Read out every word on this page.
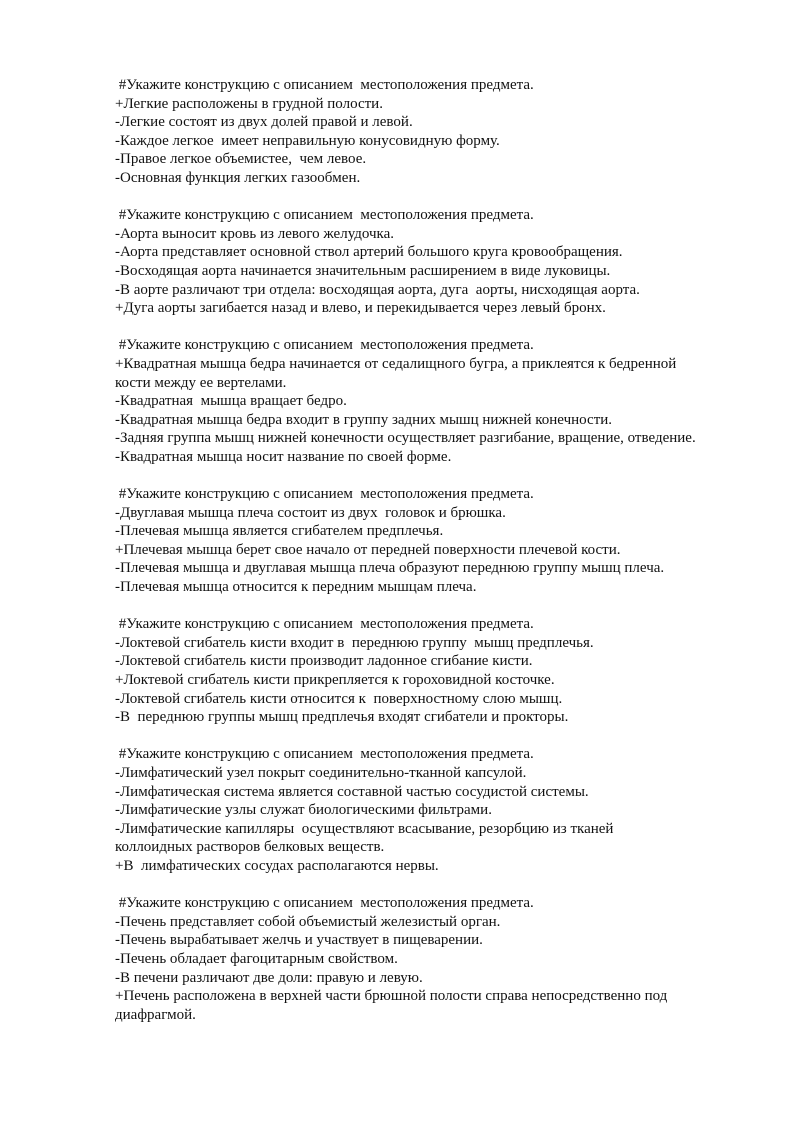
#Укажите конструкцию с описанием  местоположения предмета.
+Легкие расположены в грудной полости.
-Легкие состоят из двух долей правой и левой.
-Каждое легкое  имеет неправильную конусовидную форму.
-Правое легкое объемистее,  чем левое.
-Основная функция легких газообмен.
#Укажите конструкцию с описанием  местоположения предмета.
-Аорта выносит кровь из левого желудочка.
-Аорта представляет основной ствол артерий большого круга кровообращения.
-Восходящая аорта начинается значительным расширением в виде луковицы.
-В аорте различают три отдела: восходящая аорта, дуга  аорты, нисходящая аорта.
+Дуга аорты загибается назад и влево, и перекидывается через левый бронх.
#Укажите конструкцию с описанием  местоположения предмета.
+Квадратная мышца бедра начинается от седалищного бугра, а приклеятся к бедренной
кости между ее вертелами.
-Квадратная  мышца вращает бедро.
-Квадратная мышца бедра входит в группу задних мышц нижней конечности.
-Задняя группа мышц нижней конечности осуществляет разгибание, вращение, отведение.
-Квадратная мышца носит название по своей форме.
#Укажите конструкцию с описанием  местоположения предмета.
-Двуглавая мышца плеча состоит из двух  головок и брюшка.
-Плечевая мышца является сгибателем предплечья.
+Плечевая мышца берет свое начало от передней поверхности плечевой кости.
-Плечевая мышца и двуглавая мышца плеча образуют переднюю группу мышц плеча.
-Плечевая мышца относится к передним мышцам плеча.
#Укажите конструкцию с описанием  местоположения предмета.
-Локтевой сгибатель кисти входит в  переднюю группу  мышц предплечья.
-Локтевой сгибатель кисти производит ладонное сгибание кисти.
+Локтевой сгибатель кисти прикрепляется к гороховидной косточке.
-Локтевой сгибатель кисти относится к  поверхностному слою мышц.
-В  переднюю группы мышц предплечья входят сгибатели и прокторы.
#Укажите конструкцию с описанием  местоположения предмета.
-Лимфатический узел покрыт соединительно-тканной капсулой.
-Лимфатическая система является составной частью сосудистой системы.
-Лимфатические узлы служат биологическими фильтрами.
-Лимфатические капилляры  осуществляют всасывание, резорбцию из тканей
коллоидных растворов белковых веществ.
+В  лимфатических сосудах располагаются нервы.
#Укажите конструкцию с описанием  местоположения предмета.
-Печень представляет собой объемистый железистый орган.
-Печень вырабатывает желчь и участвует в пищеварении.
-Печень обладает фагоцитарным свойством.
-В печени различают две доли: правую и левую.
+Печень расположена в верхней части брюшной полости справа непосредственно под
диафрагмой.
